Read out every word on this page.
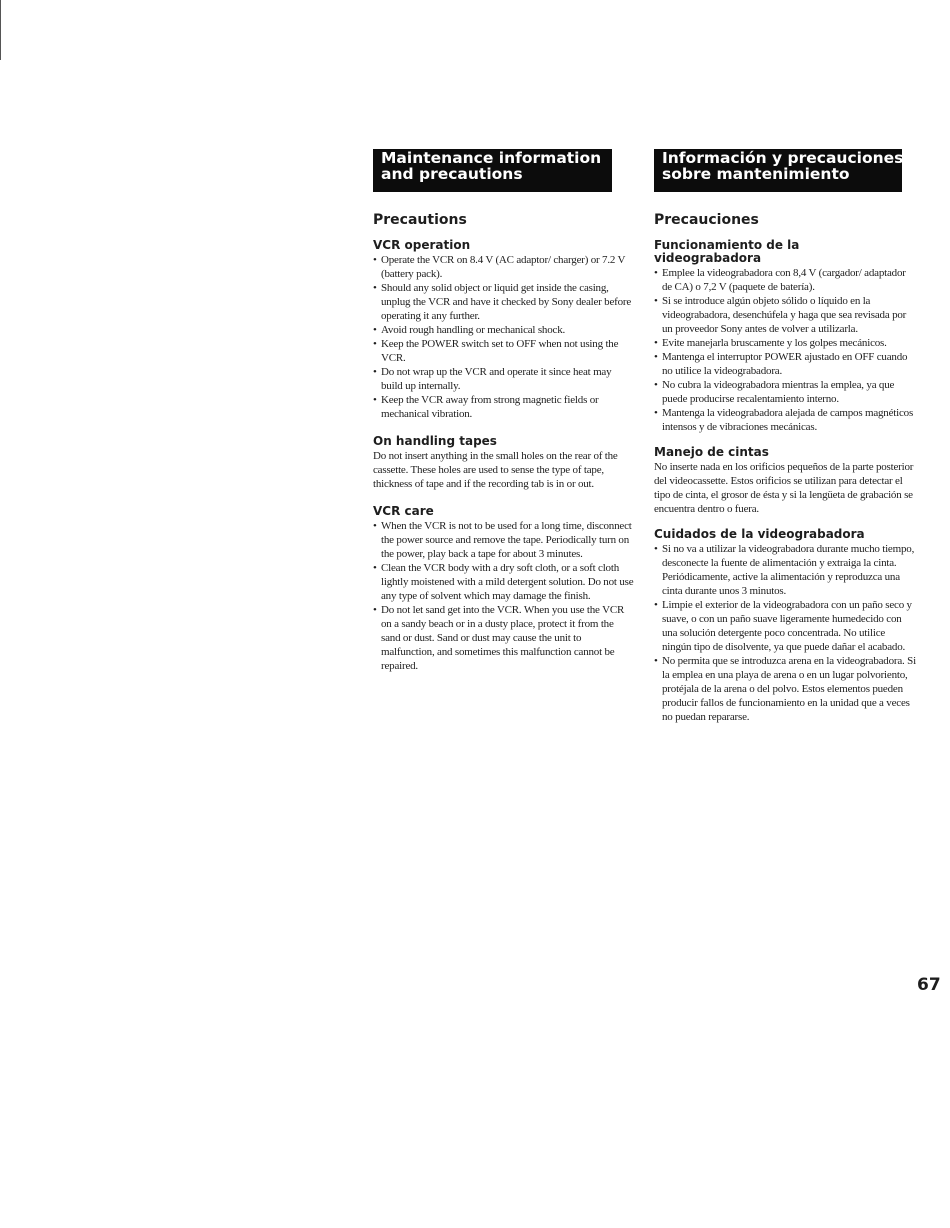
Maintenance information
and precautions
Información y precauciones
sobre mantenimiento
Precautions
VCR operation
• Operate the VCR on 8.4 V (AC adaptor/ charger) or 7.2 V (battery pack).
• Should any solid object or liquid get inside the casing, unplug the VCR and have it checked by Sony dealer before operating it any further.
• Avoid rough handling or mechanical shock.
• Keep the POWER switch set to OFF when not using the VCR.
• Do not wrap up the VCR and operate it since heat may build up internally.
• Keep the VCR away from strong magnetic fields or mechanical vibration.
On handling tapes

Do not insert anything in the small holes on the rear of the cassette. These holes are used to sense the type of tape, thickness of tape and if the recording tab is in or out.

VCR care
• When the VCR is not to be used for a long time, disconnect the power source and remove the tape. Periodically turn on the power, play back a tape for about 3 minutes.
• Clean the VCR body with a dry soft cloth, or a soft cloth lightly moistened with a mild detergent solution. Do not use any type of solvent which may damage the finish.
• Do not let sand get into the VCR. When you use the VCR on a sandy beach or in a dusty place, protect it from the sand or dust. Sand or dust may cause the unit to malfunction, and sometimes this malfunction cannot be repaired.
Precauciones
Funcionamiento de la
videograbadora
• Emplee la videograbadora con 8,4 V (cargador/ adaptador de CA) o 7,2 V (paquete de batería).
• Si se introduce algún objeto sólido o líquido en la videograbadora, desenchúfela y haga que sea revisada por un proveedor Sony antes de volver a utilizarla.
• Evite manejarla bruscamente y los golpes mecánicos.
• Mantenga el interruptor POWER ajustado en OFF cuando no utilice la videograbadora.
• No cubra la videograbadora mientras la emplea, ya que puede producirse recalentamiento interno.
• Mantenga la videograbadora alejada de campos magnéticos intensos y de vibraciones mecánicas.
Manejo de cintas

No inserte nada en los orificios pequeños de la parte posterior del videocassette. Estos orificios se utilizan para detectar el tipo de cinta, el grosor de ésta y si la lengüeta de grabación se encuentra dentro o fuera.

Cuidados de la videograbadora
• Si no va a utilizar la videograbadora durante mucho tiempo, desconecte la fuente de alimentación y extraiga la cinta. Periódicamente, active la alimentación y reproduzca una cinta durante unos 3 minutos.
• Limpie el exterior de la videograbadora con un paño seco y suave, o con un paño suave ligeramente humedecido con una solución detergente poco concentrada. No utilice ningún tipo de disolvente, ya que puede dañar el acabado.
• No permita que se introduzca arena en la videograbadora. Si la emplea en una playa de arena o en un lugar polvoriento, protéjala de la arena o del polvo. Estos elementos pueden producir fallos de funcionamiento en la unidad que a veces no puedan repararse.
67
